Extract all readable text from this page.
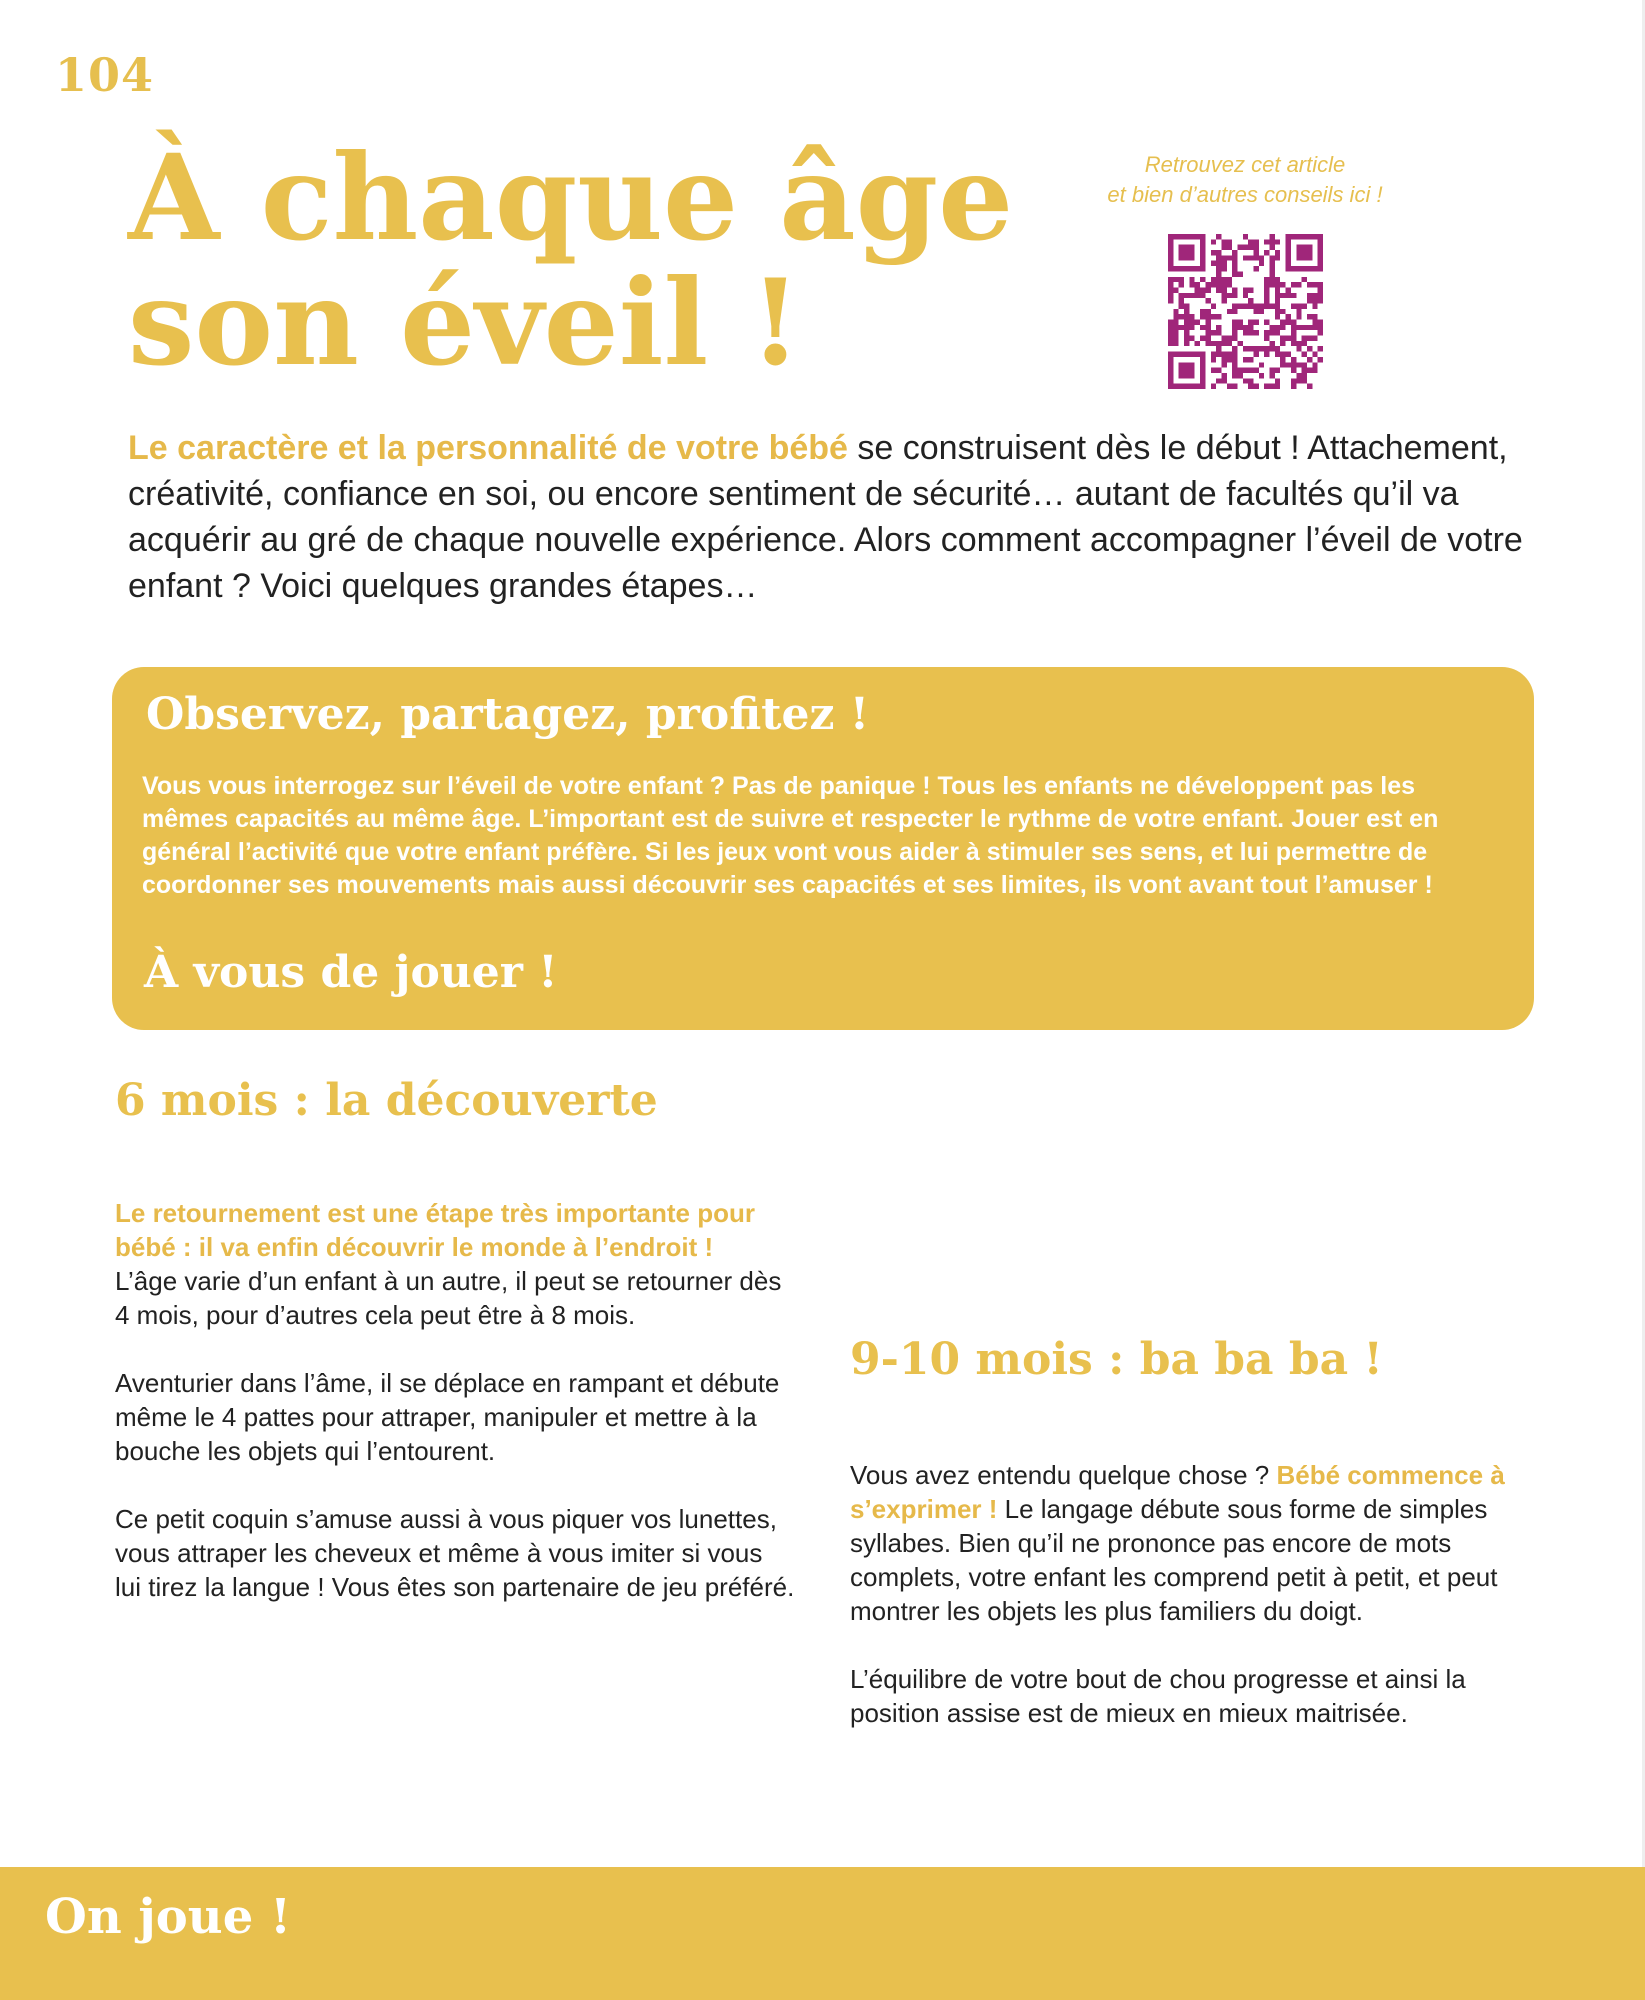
104
À chaque âge
son éveil !
Retrouvez cet article
et bien d’autres conseils ici !

Le caractère et la personnalité de votre bébé se construisent dès le début ! Attachement, créativité, confiance en soi, ou encore sentiment de sécurité… autant de facultés qu’il va acquérir au gré de chaque nouvelle expérience. Alors comment accompagner l’éveil de votre enfant ? Voici quelques grandes étapes…

Observez, partagez, profitez !

Vous vous interrogez sur l’éveil de votre enfant ? Pas de panique ! Tous les enfants ne développent pas les mêmes capacités au même âge. L’important est de suivre et respecter le rythme de votre enfant. Jouer est en général l’activité que votre enfant préfère. Si les jeux vont vous aider à stimuler ses sens, et lui permettre de coordonner ses mouvements mais aussi découvrir ses capacités et ses limites, ils vont avant tout l’amuser !

À vous de jouer !
6 mois : la découverte

Le retournement est une étape très importante pour bébé : il va enfin découvrir le monde à l’endroit !
L’âge varie d’un enfant à un autre, il peut se retourner dès 4 mois, pour d’autres cela peut être à 8 mois.

Aventurier dans l’âme, il se déplace en rampant et débute même le 4 pattes pour attraper, manipuler et mettre à la bouche les objets qui l’entourent.

Ce petit coquin s’amuse aussi à vous piquer vos lunettes, vous attraper les cheveux et même à vous imiter si vous lui tirez la langue ! Vous êtes son partenaire de jeu préféré.

9-10 mois : ba ba ba !

Vous avez entendu quelque chose ? Bébé commence à s’exprimer ! Le langage débute sous forme de simples syllabes. Bien qu’il ne prononce pas encore de mots complets, votre enfant les comprend petit à petit, et peut montrer les objets les plus familiers du doigt.

L’équilibre de votre bout de chou progresse et ainsi la position assise est de mieux en mieux maitrisée.

On joue !
